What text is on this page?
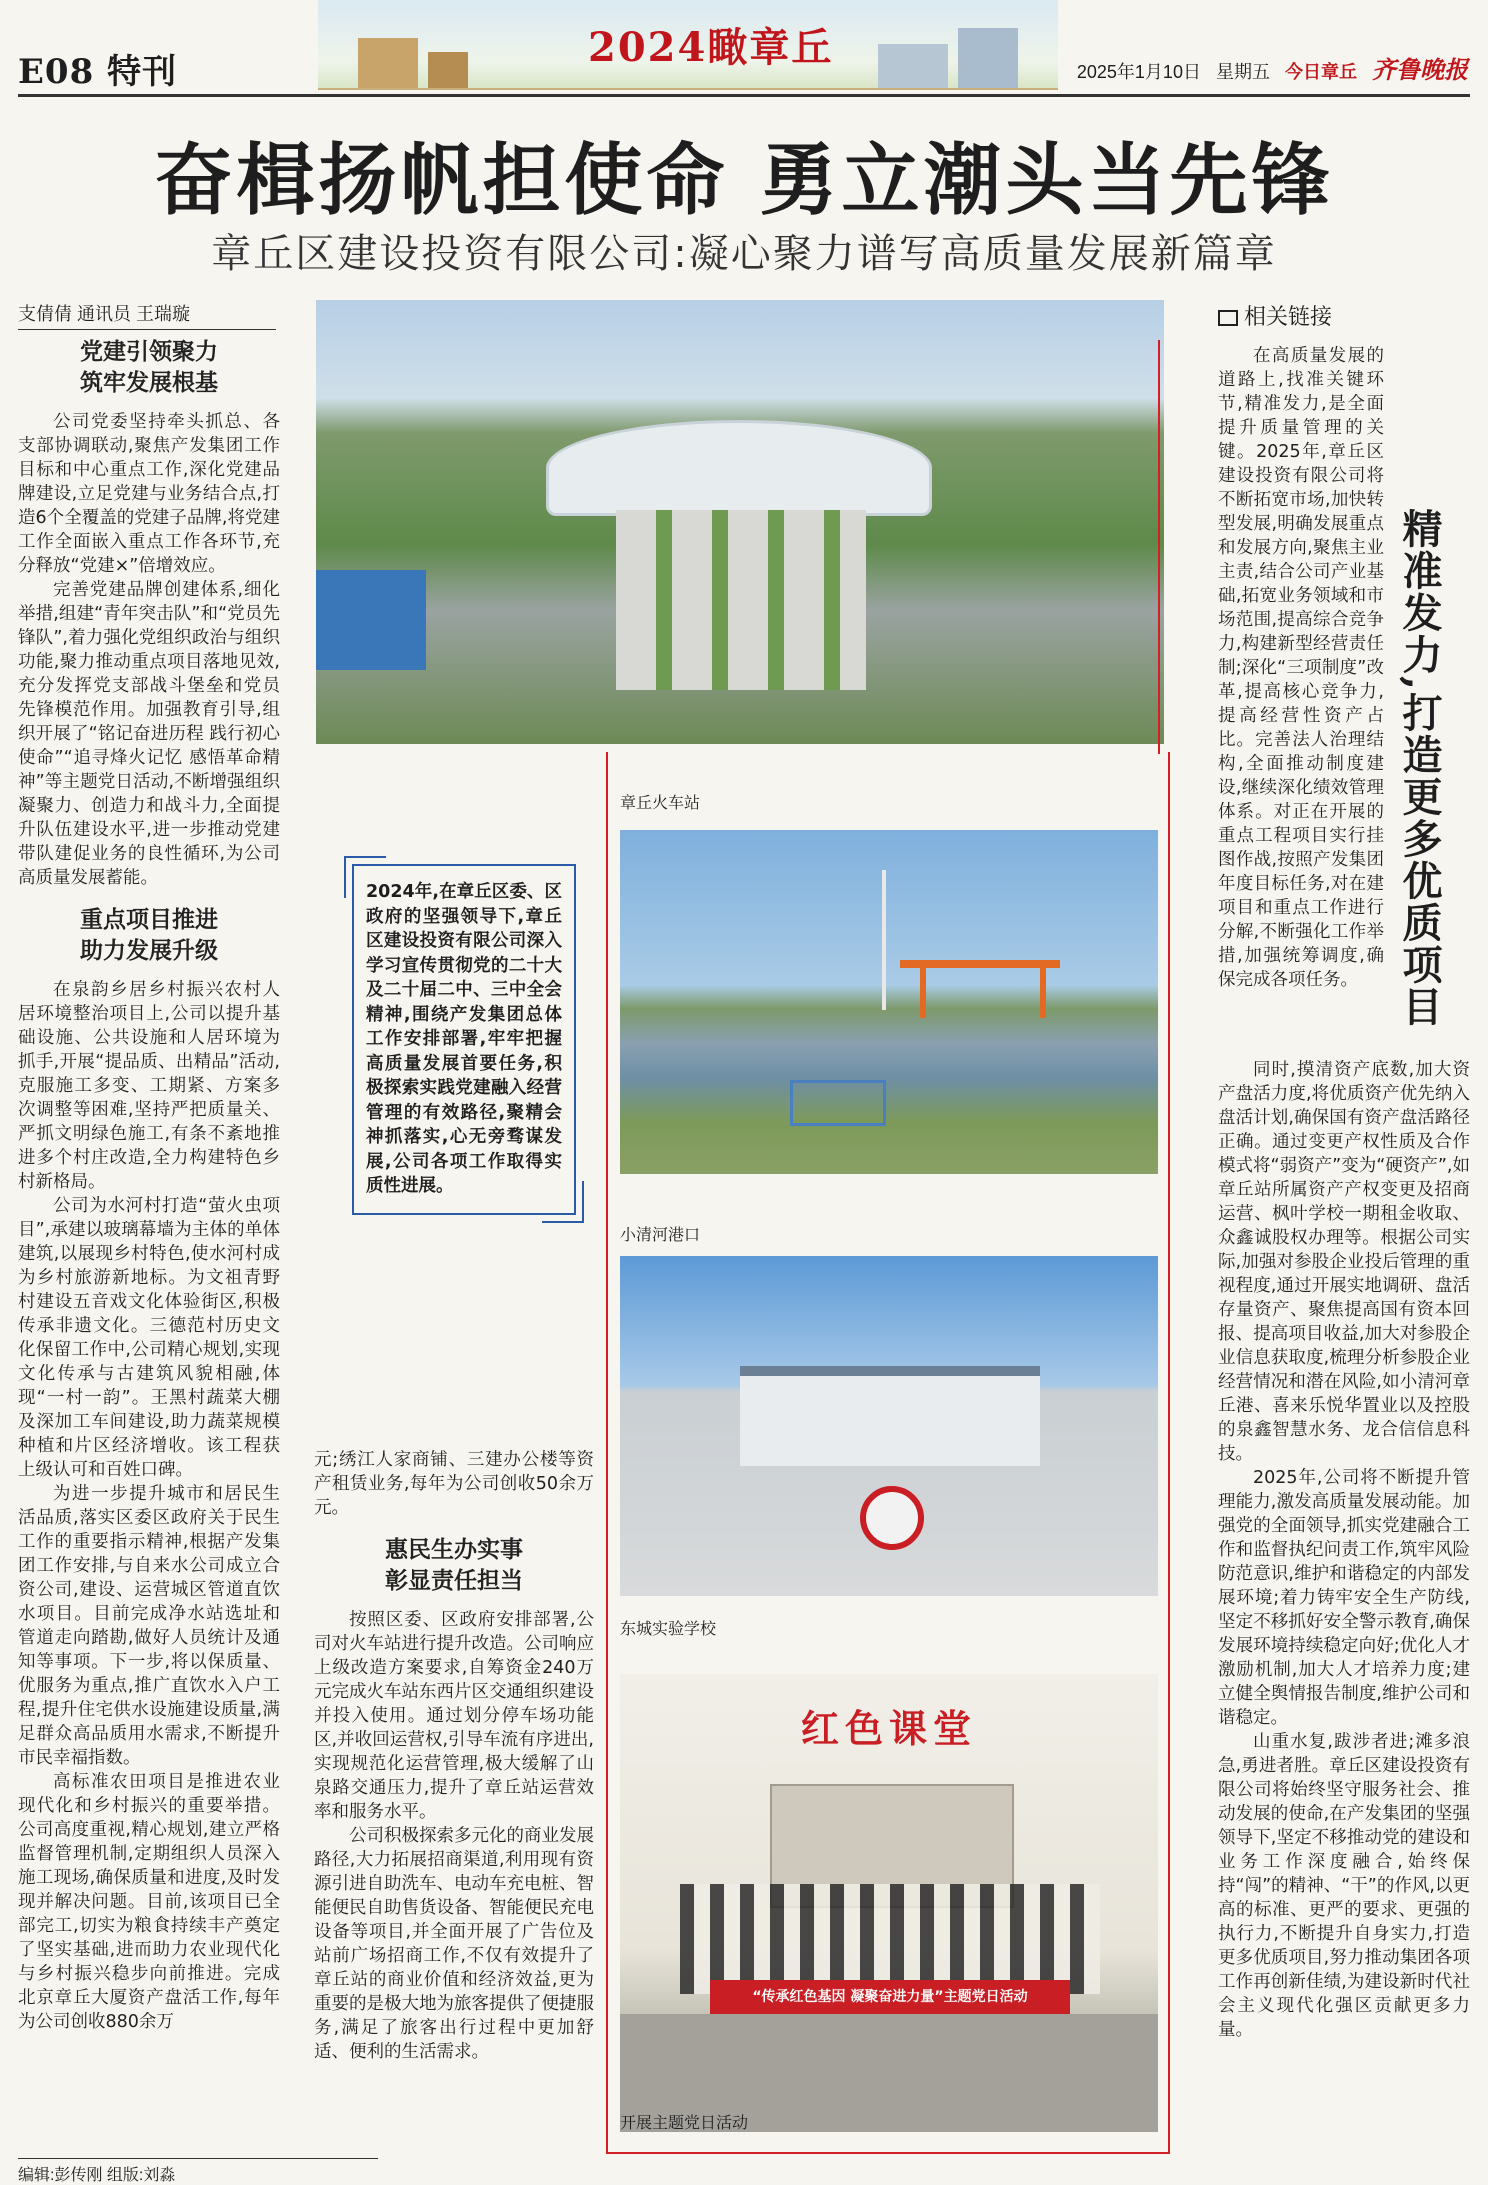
E08 特刊
2024瞰章丘
2025年1月10日 星期五 今日章丘 齐鲁晚报
奋楫扬帆担使命 勇立潮头当先锋
章丘区建设投资有限公司:凝心聚力谱写高质量发展新篇章
支倩倩 通讯员 王瑞璇
党建引领聚力
筑牢发展根基

公司党委坚持牵头抓总、各支部协调联动,聚焦产发集团工作目标和中心重点工作,深化党建品牌建设,立足党建与业务结合点,打造6个全覆盖的党建子品牌,将党建工作全面嵌入重点工作各环节,充分释放“党建×”倍增效应。

完善党建品牌创建体系,细化举措,组建“青年突击队”和“党员先锋队”,着力强化党组织政治与组织功能,聚力推动重点项目落地见效,充分发挥党支部战斗堡垒和党员先锋模范作用。加强教育引导,组织开展了“铭记奋进历程 践行初心使命”“追寻烽火记忆 感悟革命精神”等主题党日活动,不断增强组织凝聚力、创造力和战斗力,全面提升队伍建设水平,进一步推动党建带队建促业务的良性循环,为公司高质量发展蓄能。

重点项目推进
助力发展升级

在泉韵乡居乡村振兴农村人居环境整治项目上,公司以提升基础设施、公共设施和人居环境为抓手,开展“提品质、出精品”活动,克服施工多变、工期紧、方案多次调整等困难,坚持严把质量关、严抓文明绿色施工,有条不紊地推进多个村庄改造,全力构建特色乡村新格局。

公司为水河村打造“萤火虫项目”,承建以玻璃幕墙为主体的单体建筑,以展现乡村特色,使水河村成为乡村旅游新地标。为文祖青野村建设五音戏文化体验街区,积极传承非遗文化。三德范村历史文化保留工作中,公司精心规划,实现文化传承与古建筑风貌相融,体现“一村一韵”。王黑村蔬菜大棚及深加工车间建设,助力蔬菜规模种植和片区经济增收。该工程获上级认可和百姓口碑。

为进一步提升城市和居民生活品质,落实区委区政府关于民生工作的重要指示精神,根据产发集团工作安排,与自来水公司成立合资公司,建设、运营城区管道直饮水项目。目前完成净水站选址和管道走向踏勘,做好人员统计及通知等事项。下一步,将以保质量、优服务为重点,推广直饮水入户工程,提升住宅供水设施建设质量,满足群众高品质用水需求,不断提升市民幸福指数。

高标准农田项目是推进农业现代化和乡村振兴的重要举措。公司高度重视,精心规划,建立严格监督管理机制,定期组织人员深入施工现场,确保质量和进度,及时发现并解决问题。目前,该项目已全部完工,切实为粮食持续丰产奠定了坚实基础,进而助力农业现代化与乡村振兴稳步向前推进。完成北京章丘大厦资产盘活工作,每年为公司创收880余万

章丘火车站
2024年,在章丘区委、区政府的坚强领导下,章丘区建设投资有限公司深入学习宣传贯彻党的二十大及二十届二中、三中全会精神,围绕产发集团总体工作安排部署,牢牢把握高质量发展首要任务,积极探索实践党建融入经营管理的有效路径,聚精会神抓落实,心无旁骛谋发展,公司各项工作取得实质性进展。
小清河港口
东城实验学校
红色课堂
“传承红色基因 凝聚奋进力量”主题党日活动
开展主题党日活动

元;绣江人家商铺、三建办公楼等资产租赁业务,每年为公司创收50余万元。

惠民生办实事
彰显责任担当

按照区委、区政府安排部署,公司对火车站进行提升改造。公司响应上级改造方案要求,自筹资金240万元完成火车站东西片区交通组织建设并投入使用。通过划分停车场功能区,并收回运营权,引导车流有序进出,实现规范化运营管理,极大缓解了山泉路交通压力,提升了章丘站运营效率和服务水平。

公司积极探索多元化的商业发展路径,大力拓展招商渠道,利用现有资源引进自助洗车、电动车充电桩、智能便民自助售货设备、智能便民充电设备等项目,并全面开展了广告位及站前广场招商工作,不仅有效提升了章丘站的商业价值和经济效益,更为重要的是极大地为旅客提供了便捷服务,满足了旅客出行过程中更加舒适、便利的生活需求。

相关链接
精准发力,打造更多优质项目

在高质量发展的道路上,找准关键环节,精准发力,是全面提升质量管理的关键。2025年,章丘区建设投资有限公司将不断拓宽市场,加快转型发展,明确发展重点和发展方向,聚焦主业主责,结合公司产业基础,拓宽业务领域和市场范围,提高综合竞争力,构建新型经营责任制;深化“三项制度”改革,提高核心竞争力,提高经营性资产占比。完善法人治理结构,全面推动制度建设,继续深化绩效管理体系。对正在开展的重点工程项目实行挂图作战,按照产发集团年度目标任务,对在建项目和重点工作进行分解,不断强化工作举措,加强统筹调度,确保完成各项任务。

同时,摸清资产底数,加大资产盘活力度,将优质资产优先纳入盘活计划,确保国有资产盘活路径正确。通过变更产权性质及合作模式将“弱资产”变为“硬资产”,如章丘站所属资产产权变更及招商运营、枫叶学校一期租金收取、众鑫诚股权办理等。根据公司实际,加强对参股企业投后管理的重视程度,通过开展实地调研、盘活存量资产、聚焦提高国有资本回报、提高项目收益,加大对参股企业信息获取度,梳理分析参股企业经营情况和潜在风险,如小清河章丘港、喜来乐悦华置业以及控股的泉鑫智慧水务、龙合信信息科技。

2025年,公司将不断提升管理能力,激发高质量发展动能。加强党的全面领导,抓实党建融合工作和监督执纪问责工作,筑牢风险防范意识,维护和谐稳定的内部发展环境;着力铸牢安全生产防线,坚定不移抓好安全警示教育,确保发展环境持续稳定向好;优化人才激励机制,加大人才培养力度;建立健全舆情报告制度,维护公司和谐稳定。

山重水复,跋涉者进;滩多浪急,勇进者胜。章丘区建设投资有限公司将始终坚守服务社会、推动发展的使命,在产发集团的坚强领导下,坚定不移推动党的建设和业务工作深度融合,始终保持“闯”的精神、“干”的作风,以更高的标准、更严的要求、更强的执行力,不断提升自身实力,打造更多优质项目,努力推动集团各项工作再创新佳绩,为建设新时代社会主义现代化强区贡献更多力量。

编辑:彭传刚 组版:刘淼
